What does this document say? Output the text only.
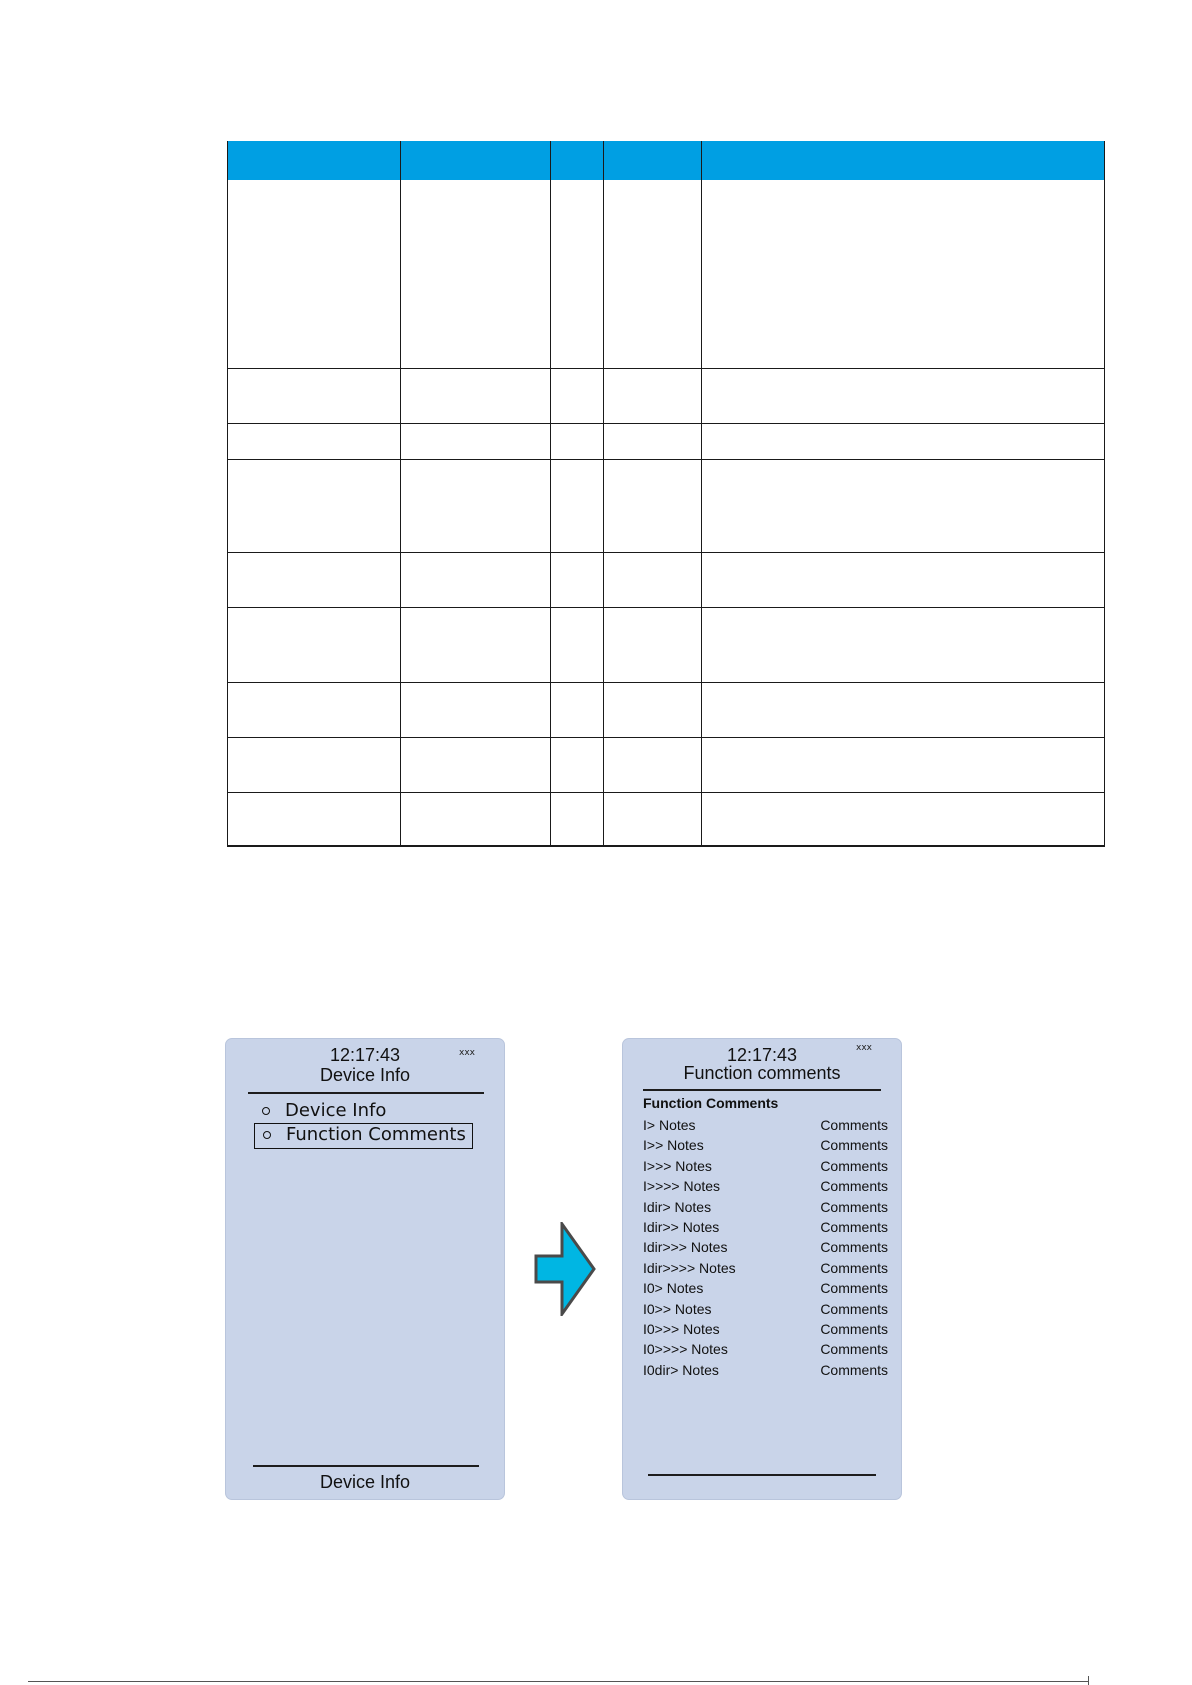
12:17:43	xxx
Device Info
Device Info
Function Comments
Device Info
12:17:43	xxx
Function comments
Function Comments
I> Notes	Comments
I>> Notes	Comments
I>>> Notes	Comments
I>>>> Notes	Comments
Idir> Notes	Comments
Idir>> Notes	Comments
Idir>>> Notes	Comments
Idir>>>> Notes	Comments
I0> Notes	Comments
I0>> Notes	Comments
I0>>> Notes	Comments
I0>>>> Notes	Comments
I0dir> Notes	Comments
